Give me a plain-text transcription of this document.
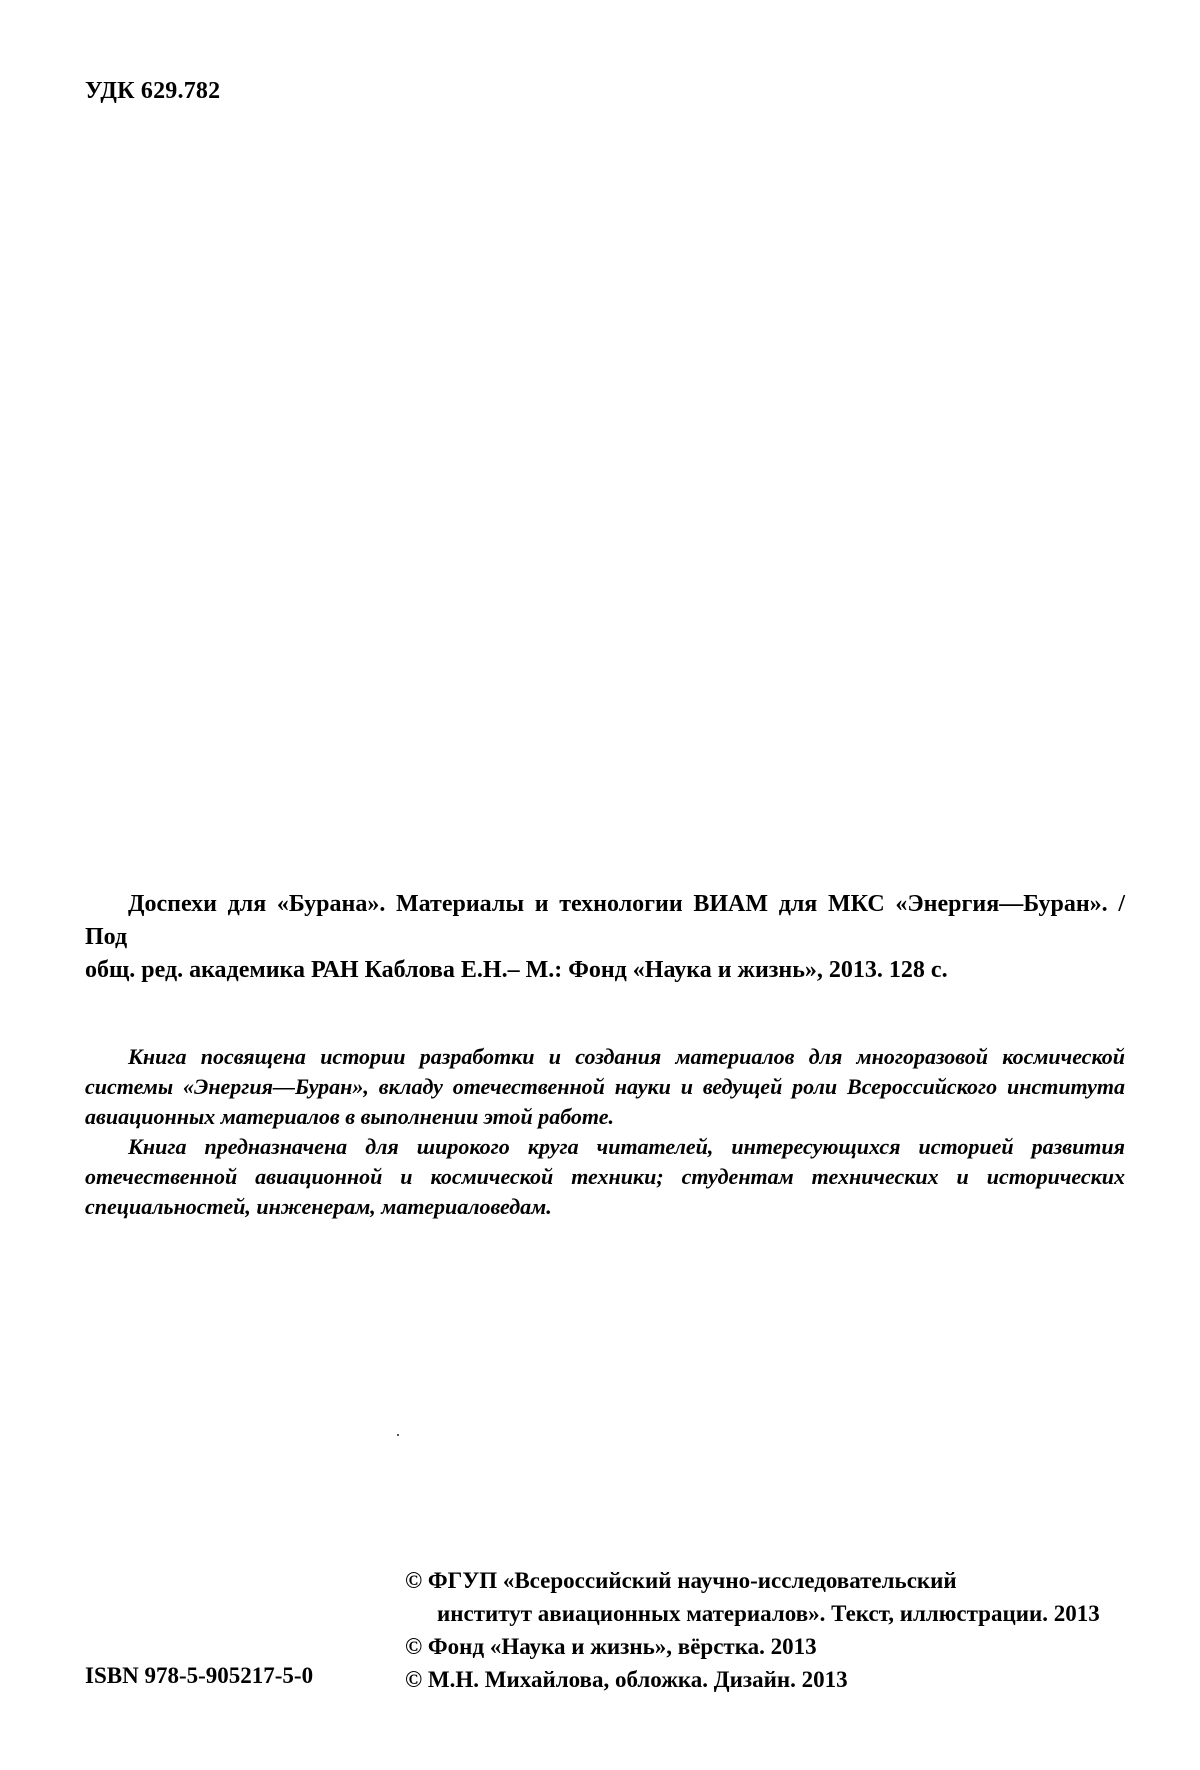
УДК 629.782
Доспехи для «Бурана». Материалы и технологии ВИАМ для МКС «Энергия—Буран». / Под
общ. ред. академика РАН Каблова Е.Н.– М.: Фонд «Наука и жизнь», 2013. 128 с.

Книга посвящена истории разработки и создания материалов для многоразовой космической системы «Энергия—Буран», вкладу отечественной науки и ведущей роли Всероссийского института авиационных материалов в выполнении этой работе.

Книга предназначена для широкого круга читателей, интересующихся историей развития отечественной авиационной и космической техники; студентам технических и исторических специальностей, инженерам, материаловедам.

© ФГУП «Всероссийский научно-исследовательский
институт авиационных материалов». Текст, иллюстрации. 2013
© Фонд «Наука и жизнь», вёрстка. 2013
© М.Н. Михайлова, обложка. Дизайн. 2013
ISBN 978-5-905217-5-0
